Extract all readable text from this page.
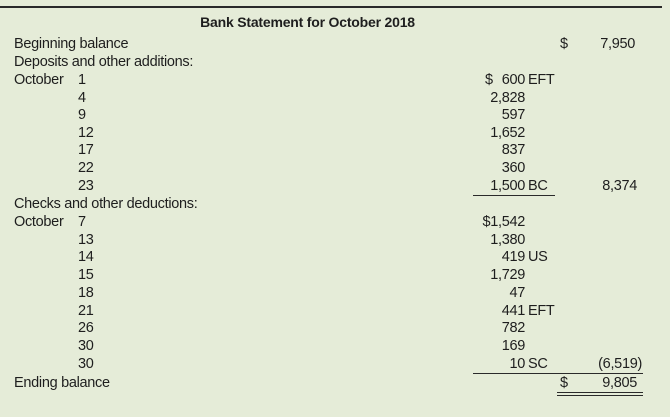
Bank Statement for October 2018
Beginning balance	$ 7,950
Deposits and other additions:
October 1	$ 600 EFT
4	2,828
9	597
12	1,652
17	837
22	360
23	1,500 BC	8,374
Checks and other deductions:
October 7	$1,542
13	1,380
14	419 US
15	1,729
18	47
21	441 EFT
26	782
30	169
30	10 SC	(6,519)
Ending balance	$ 9,805
